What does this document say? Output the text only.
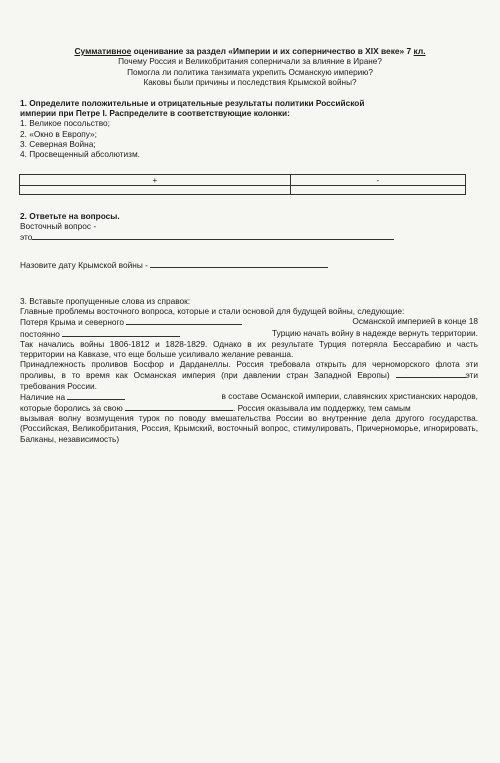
Суммативное оценивание за раздел «Империи и их соперничество в XIX веке» 7 кл.
Почему Россия и Великобритания соперничали за влияние в Иране?
Помогла ли политика танзимата укрепить Османскую империю?
Каковы были причины и последствия Крымской войны?
1. Определите положительные и отрицательные результаты политики Российской
империи при Петре I. Распределите в соответствующие колонки:
1. Великое посольство;
2. «Окно в Европу»;
3. Северная Война;
4. Просвещенный абсолютизм.
+	-

2. Ответьте на вопросы.
Восточный вопрос -
это
Назовите дату Крымской войны -
3. Вставьте пропущенные слова из справок:
Главные проблемы восточного вопроса, которые и стали основой для будущей войны, следующие:
Потеря Крыма и северного	Османской империей в конце 18
постоянно	Турцию начать войну в надежде вернуть территории.
Так начались войны 1806-1812 и 1828-1829. Однако в их результате Турция потеряла Бессарабию и часть территории на Кавказе, что еще больше усиливало желание реванша.
Принадлежность проливов Босфор и Дарданеллы. Россия требовала открыть для черноморского флота эти проливы, в то время как Османская империя (при давлении стран Западной Европы)	эти требования России.
Наличие на	в составе Османской империи, славянских христианских народов,
которые боролись за свою	. Россия оказывала им поддержку, тем самым
вызывая волну возмущения турок по поводу вмешательства России во внутренние дела другого государства. (Российская, Великобритания, Россия, Крымский, восточный вопрос, стимулировать, Причерноморье, игнорировать, Балканы, независимость)
